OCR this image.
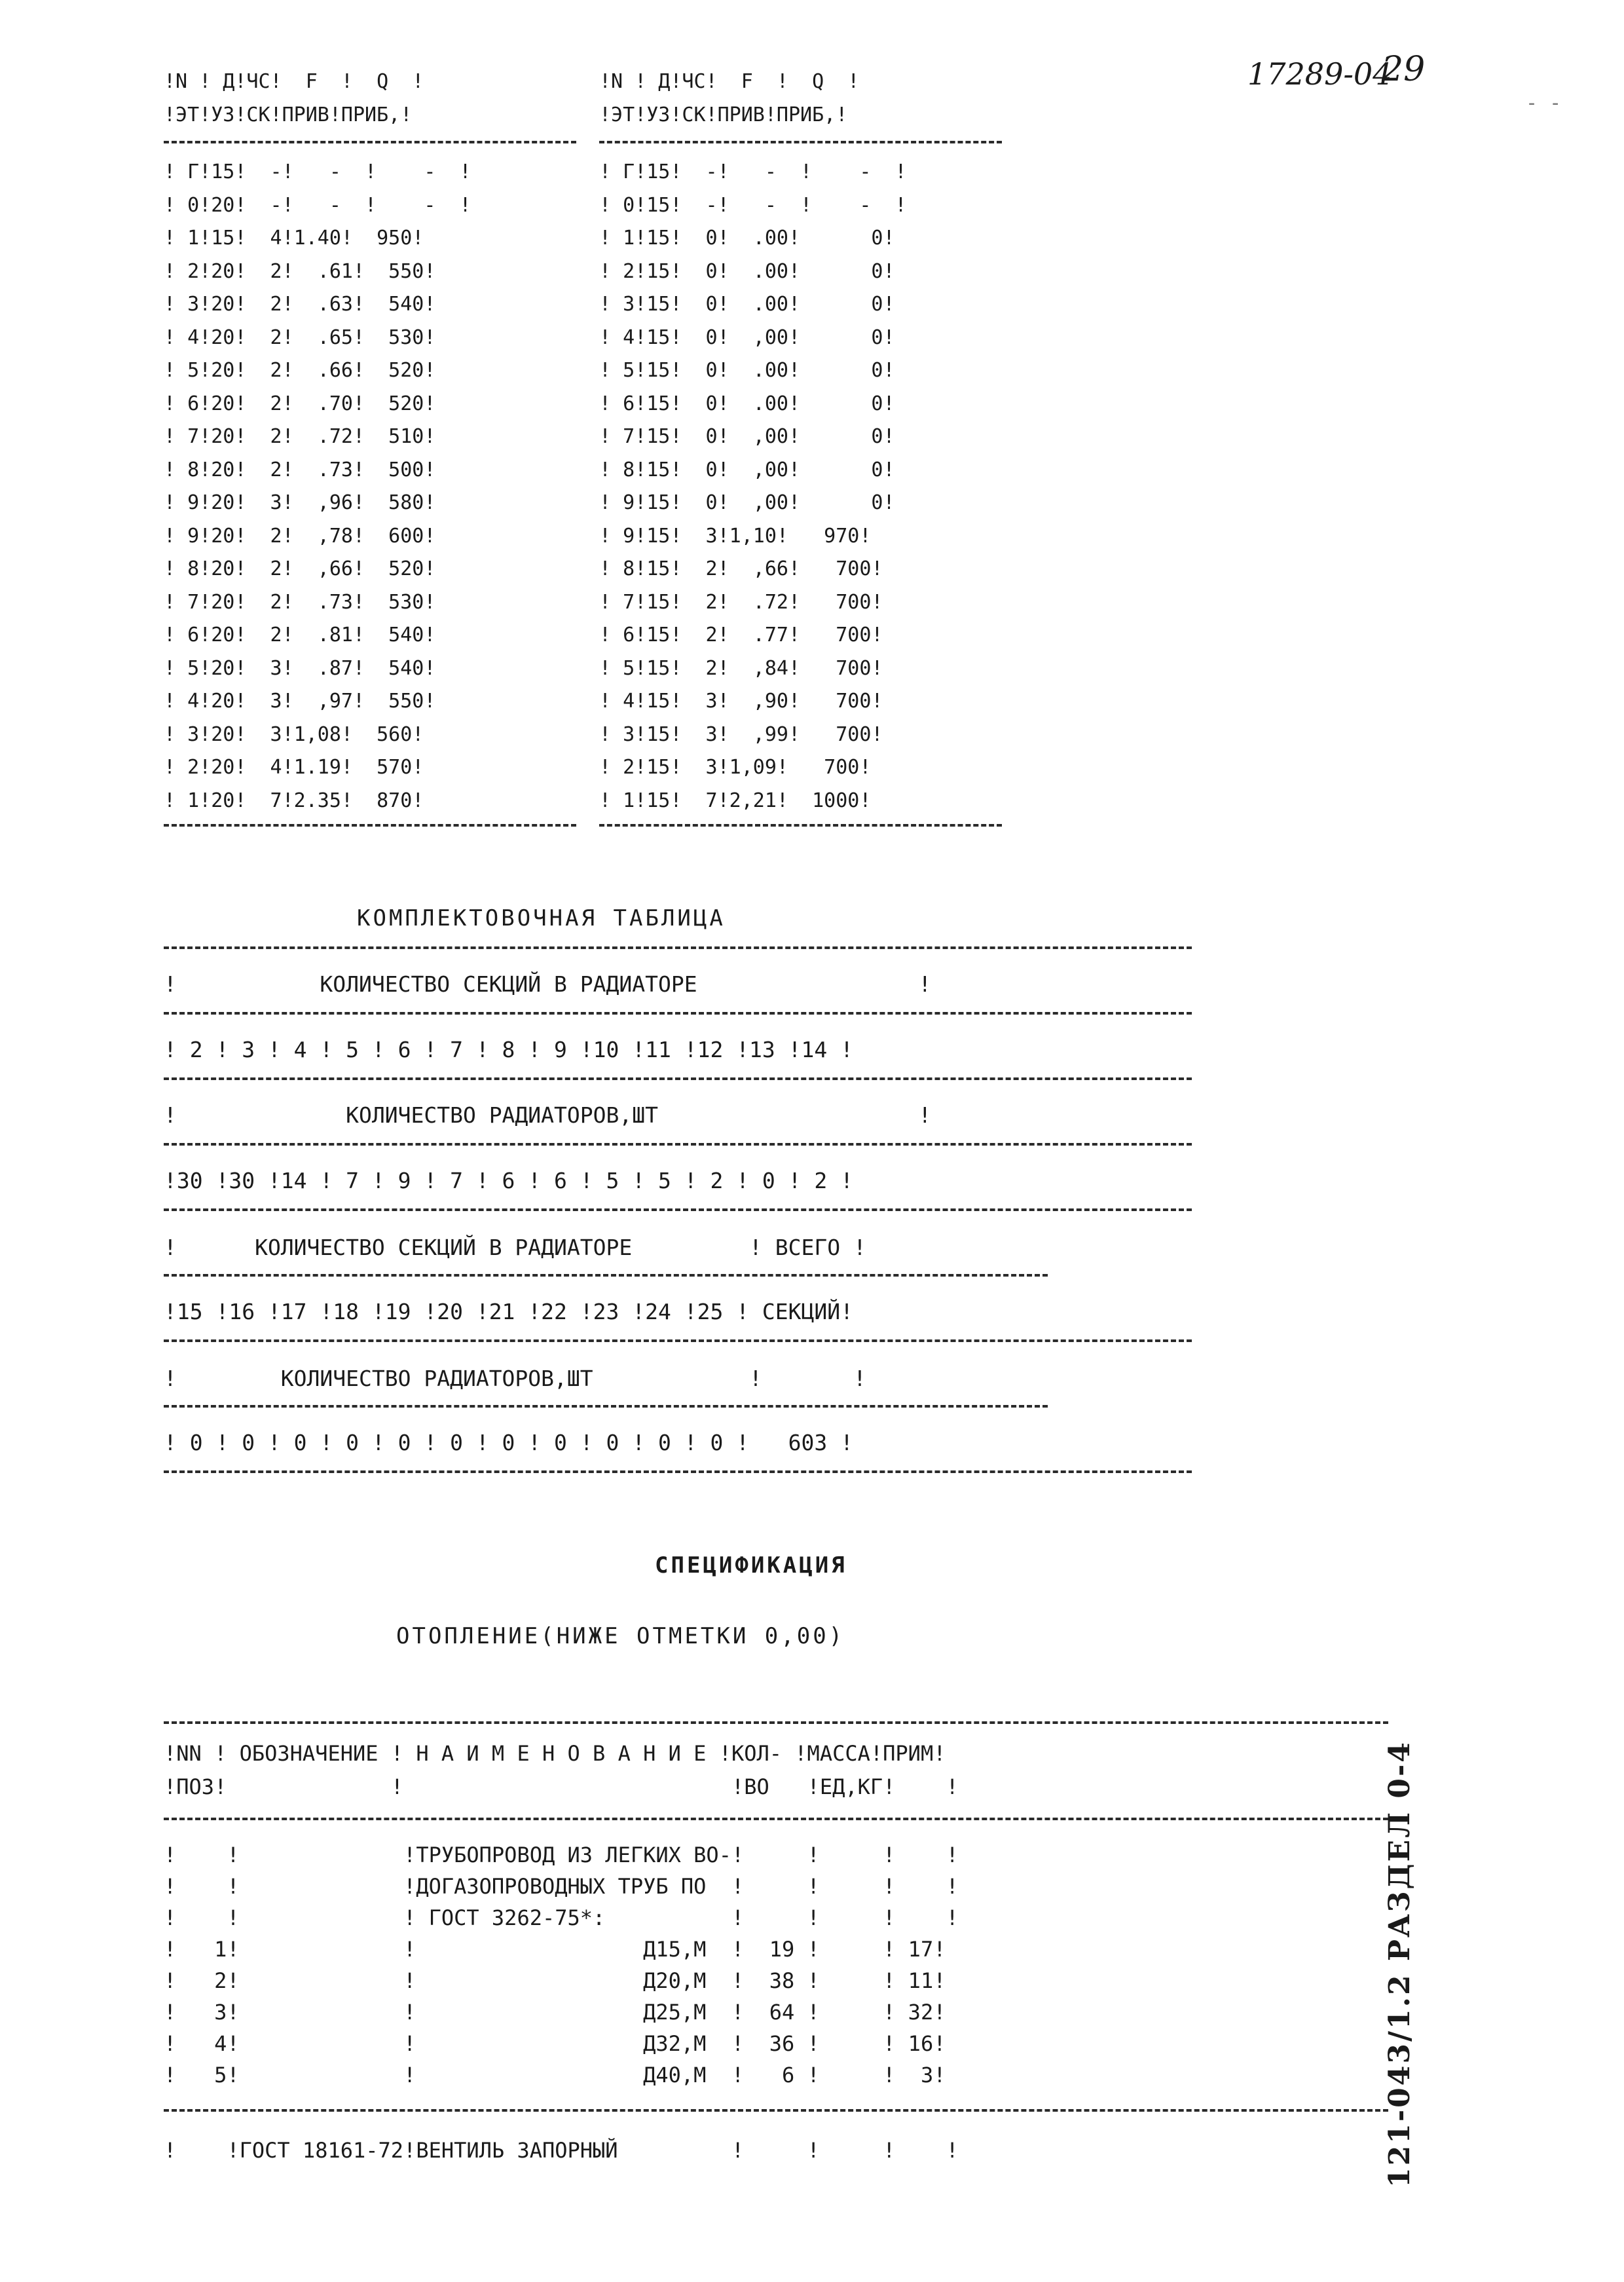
17289-04
29
- -
!N ! Д!ЧС!  F  !  Q  !
!ЭТ!УЗ!СК!ПРИВ!ПРИБ,!
!N ! Д!ЧС!  F  !  Q  !
!ЭТ!УЗ!СК!ПРИВ!ПРИБ,!
! Г!15!  -!   -  !    -  !
! 0!20!  -!   -  !    -  !
! 1!15!  4!1.40!  950!
! 2!20!  2!  .61!  550!
! 3!20!  2!  .63!  540!
! 4!20!  2!  .65!  530!
! 5!20!  2!  .66!  520!
! 6!20!  2!  .70!  520!
! 7!20!  2!  .72!  510!
! 8!20!  2!  .73!  500!
! 9!20!  3!  ,96!  580!
! 9!20!  2!  ,78!  600!
! 8!20!  2!  ,66!  520!
! 7!20!  2!  .73!  530!
! 6!20!  2!  .81!  540!
! 5!20!  3!  .87!  540!
! 4!20!  3!  ,97!  550!
! 3!20!  3!1,08!  560!
! 2!20!  4!1.19!  570!
! 1!20!  7!2.35!  870!
! Г!15!  -!   -  !    -  !
! 0!15!  -!   -  !    -  !
! 1!15!  0!  .00!      0!
! 2!15!  0!  .00!      0!
! 3!15!  0!  .00!      0!
! 4!15!  0!  ,00!      0!
! 5!15!  0!  .00!      0!
! 6!15!  0!  .00!      0!
! 7!15!  0!  ,00!      0!
! 8!15!  0!  ,00!      0!
! 9!15!  0!  ,00!      0!
! 9!15!  3!1,10!   970!
! 8!15!  2!  ,66!   700!
! 7!15!  2!  .72!   700!
! 6!15!  2!  .77!   700!
! 5!15!  2!  ,84!   700!
! 4!15!  3!  ,90!   700!
! 3!15!  3!  ,99!   700!
! 2!15!  3!1,09!   700!
! 1!15!  7!2,21!  1000!
КОМПЛЕКТОВОЧНАЯ ТАБЛИЦА
!           КОЛИЧЕСТВО СЕКЦИЙ В РАДИАТОРЕ                 !
! 2 ! 3 ! 4 ! 5 ! 6 ! 7 ! 8 ! 9 !10 !11 !12 !13 !14 !
!             КОЛИЧЕСТВО РАДИАТОРОВ,ШТ                    !
!30 !30 !14 ! 7 ! 9 ! 7 ! 6 ! 6 ! 5 ! 5 ! 2 ! 0 ! 2 !
!      КОЛИЧЕСТВО СЕКЦИЙ В РАДИАТОРЕ         ! ВСЕГО !
!15 !16 !17 !18 !19 !20 !21 !22 !23 !24 !25 ! СЕКЦИЙ!
!        КОЛИЧЕСТВО РАДИАТОРОВ,ШТ            !       !
! 0 ! 0 ! 0 ! 0 ! 0 ! 0 ! 0 ! 0 ! 0 ! 0 ! 0 !   603 !
СПЕЦИФИКАЦИЯ
ОТОПЛЕНИЕ(НИЖЕ ОТМЕТКИ 0,00)
!NN ! ОБОЗНАЧЕНИЕ ! Н А И М Е Н О В А Н И Е !КОЛ- !МАССА!ПРИМ!
!ПОЗ!             !                          !ВО   !ЕД,КГ!    !
!    !             !ТРУБОПРОВОД ИЗ ЛЕГКИХ ВО-!     !     !    !
!    !             !ДОГАЗОПРОВОДНЫХ ТРУБ ПО  !     !     !    !
!    !             ! ГОСТ 3262-75*:          !     !     !    !
!   1!             !                  Д15,М  !  19 !     ! 17!
!   2!             !                  Д20,М  !  38 !     ! 11!
!   3!             !                  Д25,М  !  64 !     ! 32!
!   4!             !                  Д32,М  !  36 !     ! 16!
!   5!             !                  Д40,М  !   6 !     !  3!
!    !ГОСТ 18161-72!ВЕНТИЛЬ ЗАПОРНЫЙ         !     !     !    !	121-043/1.2 РАЗДЕЛ 0-4
